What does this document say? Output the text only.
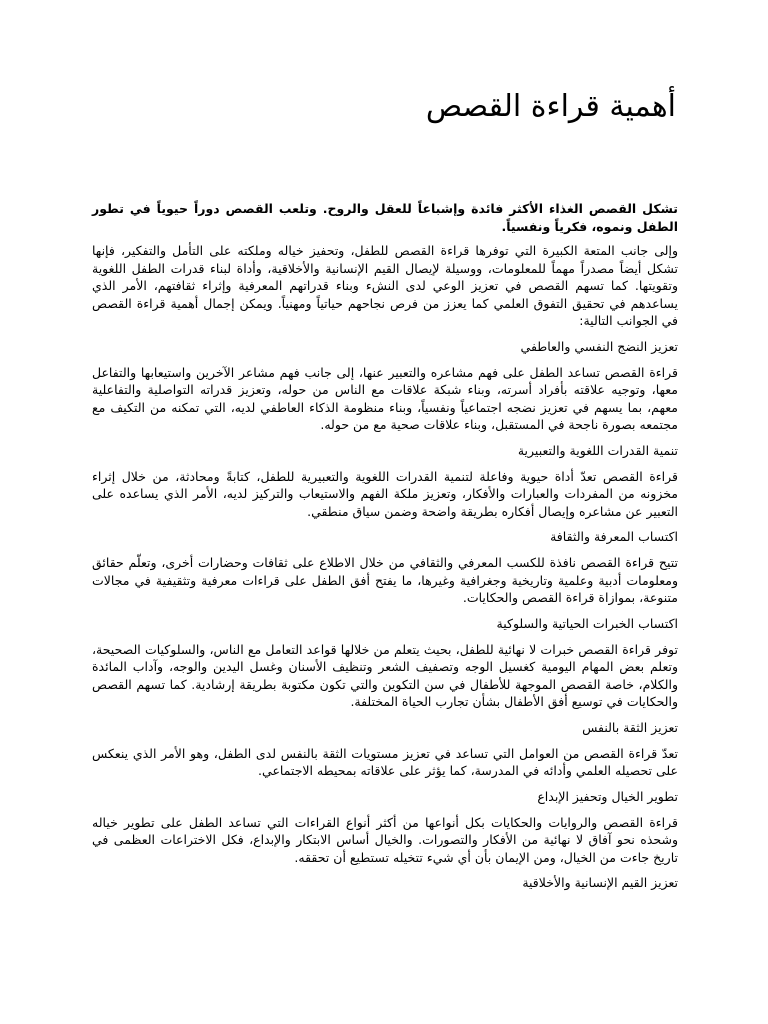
أهمية قراءة القصص

تشكل القصص الغذاء الأكثر فائدة وإشباعاً للعقل والروح. وتلعب القصص دوراً حيوياً في تطور الطفل ونموه، فكرياً ونفسياً.

وإلى جانب المتعة الكبيرة التي توفرها قراءة القصص للطفل، وتحفيز خياله وملكته على التأمل والتفكير، فإنها تشكل أيضاً مصدراً مهماً للمعلومات، ووسيلة لإيصال القيم الإنسانية والأخلاقية، وأداة لبناء قدرات الطفل اللغوية وتقويتها. كما تسهم القصص في تعزيز الوعي لدى النشء وبناء قدراتهم المعرفية وإثراء ثقافتهم، الأمر الذي يساعدهم في تحقيق التفوق العلمي كما يعزز من فرص نجاحهم حياتياً ومهنياً. ويمكن إجمال أهمية قراءة القصص في الجوانب التالية:

تعزيز النضج النفسي والعاطفي

قراءة القصص تساعد الطفل على فهم مشاعره والتعبير عنها، إلى جانب فهم مشاعر الآخرين واستيعابها والتفاعل معها، وتوجيه علاقته بأفراد أسرته، وبناء شبكة علاقات مع الناس من حوله، وتعزيز قدراته التواصلية والتفاعلية معهم، بما يسهم في تعزيز نضجه اجتماعياً ونفسياً، وبناء منظومة الذكاء العاطفي لديه، التي تمكنه من التكيف مع مجتمعه بصورة ناجحة في المستقبل، وبناء علاقات صحية مع من حوله.

تنمية القدرات اللغوية والتعبيرية

قراءة القصص تعدّ أداة حيوية وفاعلة لتنمية القدرات اللغوية والتعبيرية للطفل، كتابةً ومحادثة، من خلال إثراء مخزونه من المفردات والعبارات والأفكار، وتعزيز ملكة الفهم والاستيعاب والتركيز لديه، الأمر الذي يساعده على التعبير عن مشاعره وإيصال أفكاره بطريقة واضحة وضمن سياق منطقي.

اكتساب المعرفة والثقافة

تتيح قراءة القصص نافذة للكسب المعرفي والثقافي من خلال الاطلاع على ثقافات وحضارات أخرى، وتعلّم حقائق ومعلومات أدبية وعلمية وتاريخية وجغرافية وغيرها، ما يفتح أفق الطفل على قراءات معرفية وتثقيفية في مجالات متنوعة، بموازاة قراءة القصص والحكايات.

اكتساب الخبرات الحياتية والسلوكية

توفر قراءة القصص خبرات لا نهائية للطفل، بحيث يتعلم من خلالها قواعد التعامل مع الناس، والسلوكيات الصحيحة، وتعلم بعض المهام اليومية كغسيل الوجه وتصفيف الشعر وتنظيف الأسنان وغسل اليدين والوجه، وآداب المائدة والكلام، خاصة القصص الموجهة للأطفال في سن التكوين والتي تكون مكتوبة بطريقة إرشادية. كما تسهم القصص والحكايات في توسيع أفق الأطفال بشأن تجارب الحياة المختلفة.

تعزيز الثقة بالنفس

تعدّ قراءة القصص من العوامل التي تساعد في تعزيز مستويات الثقة بالنفس لدى الطفل، وهو الأمر الذي ينعكس على تحصيله العلمي وأدائه في المدرسة، كما يؤثر على علاقاته بمحيطه الاجتماعي.

تطوير الخيال وتحفيز الإبداع

قراءة القصص والروايات والحكايات بكل أنواعها من أكثر أنواع القراءات التي تساعد الطفل على تطوير خياله وشحذه نحو آفاق لا نهائية من الأفكار والتصورات. والخيال أساس الابتكار والإبداع، فكل الاختراعات العظمى في تاريخ جاءت من الخيال، ومن الإيمان بأن أي شيء تتخيله تستطيع أن تحققه.

تعزيز القيم الإنسانية والأخلاقية
